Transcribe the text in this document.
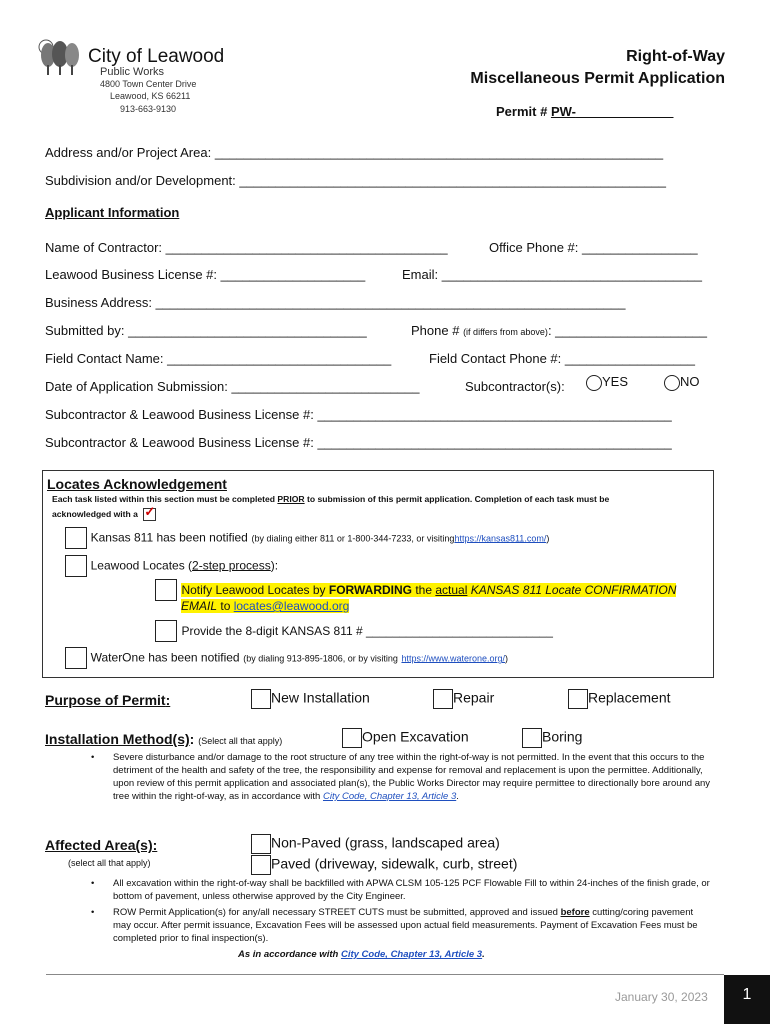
City of Leawood
Public Works
4800 Town Center Drive
Leawood, KS 66211
913-663-9130
Right-of-Way
Miscellaneous Permit Application
Permit # PW-
Address and/or Project Area: ______________________________________________________________
Subdivision and/or Development: ___________________________________________________________
Applicant Information
Name of Contractor: _______________________________________	Office Phone #: ________________
Leawood Business License #: ____________________	Email: ____________________________________
Business Address: _________________________________________________________________
Submitted by: _________________________________	Phone # (if differs from above): _____________________
Field Contact Name: _______________________________	Field Contact Phone #: __________________
Date of Application Submission: __________________________	Subcontractor(s):	YES	NO
Subcontractor & Leawood Business License #: _________________________________________________
Subcontractor & Leawood Business License #: _________________________________________________
Locates Acknowledgement
Each task listed within this section must be completed PRIOR to submission of this permit application. Completion of each task must be
acknowledged with a ✓
Kansas 811 has been notified (by dialing either 811 or 1-800-344-7233, or visitinghttps://kansas811.com/)
Leawood Locates (2-step process):
Notify Leawood Locates by FORWARDING the actual KANSAS 811 Locate CONFIRMATION
EMAIL to locates@leawood.org
Provide the 8-digit KANSAS 811 # ____________________________
WaterOne has been notified (by dialing 913-895-1806, or by visiting https://www.waterone.org/)
Purpose of Permit:	New Installation	Repair	Replacement
Installation Method(s): (Select all that apply)	Open Excavation	Boring
• Severe disturbance and/or damage to the root structure of any tree within the right-of-way is not permitted. In the event that this occurs to the detriment of the health and safety of the tree, the responsibility and expense for removal and replacement is upon the permittee. Additionally, upon review of this permit application and associated plan(s), the Public Works Director may require permittee to directionally bore around any tree within the right-of-way, as in accordance with City Code, Chapter 13, Article 3.
Affected Area(s):
(select all that apply)
Non-Paved (grass, landscaped area)
Paved (driveway, sidewalk, curb, street)
• All excavation within the right-of-way shall be backfilled with APWA CLSM 105-125 PCF Flowable Fill to within 24-inches of the finish grade, or bottom of pavement, unless otherwise approved by the City Engineer.
• ROW Permit Application(s) for any/all necessary STREET CUTS must be submitted, approved and issued before cutting/coring pavement may occur. After permit issuance, Excavation Fees will be assessed upon actual field measurements. Payment of Excavation Fees must be completed prior to final inspection(s).
As in accordance with City Code, Chapter 13, Article 3.
January 30, 2023	1
